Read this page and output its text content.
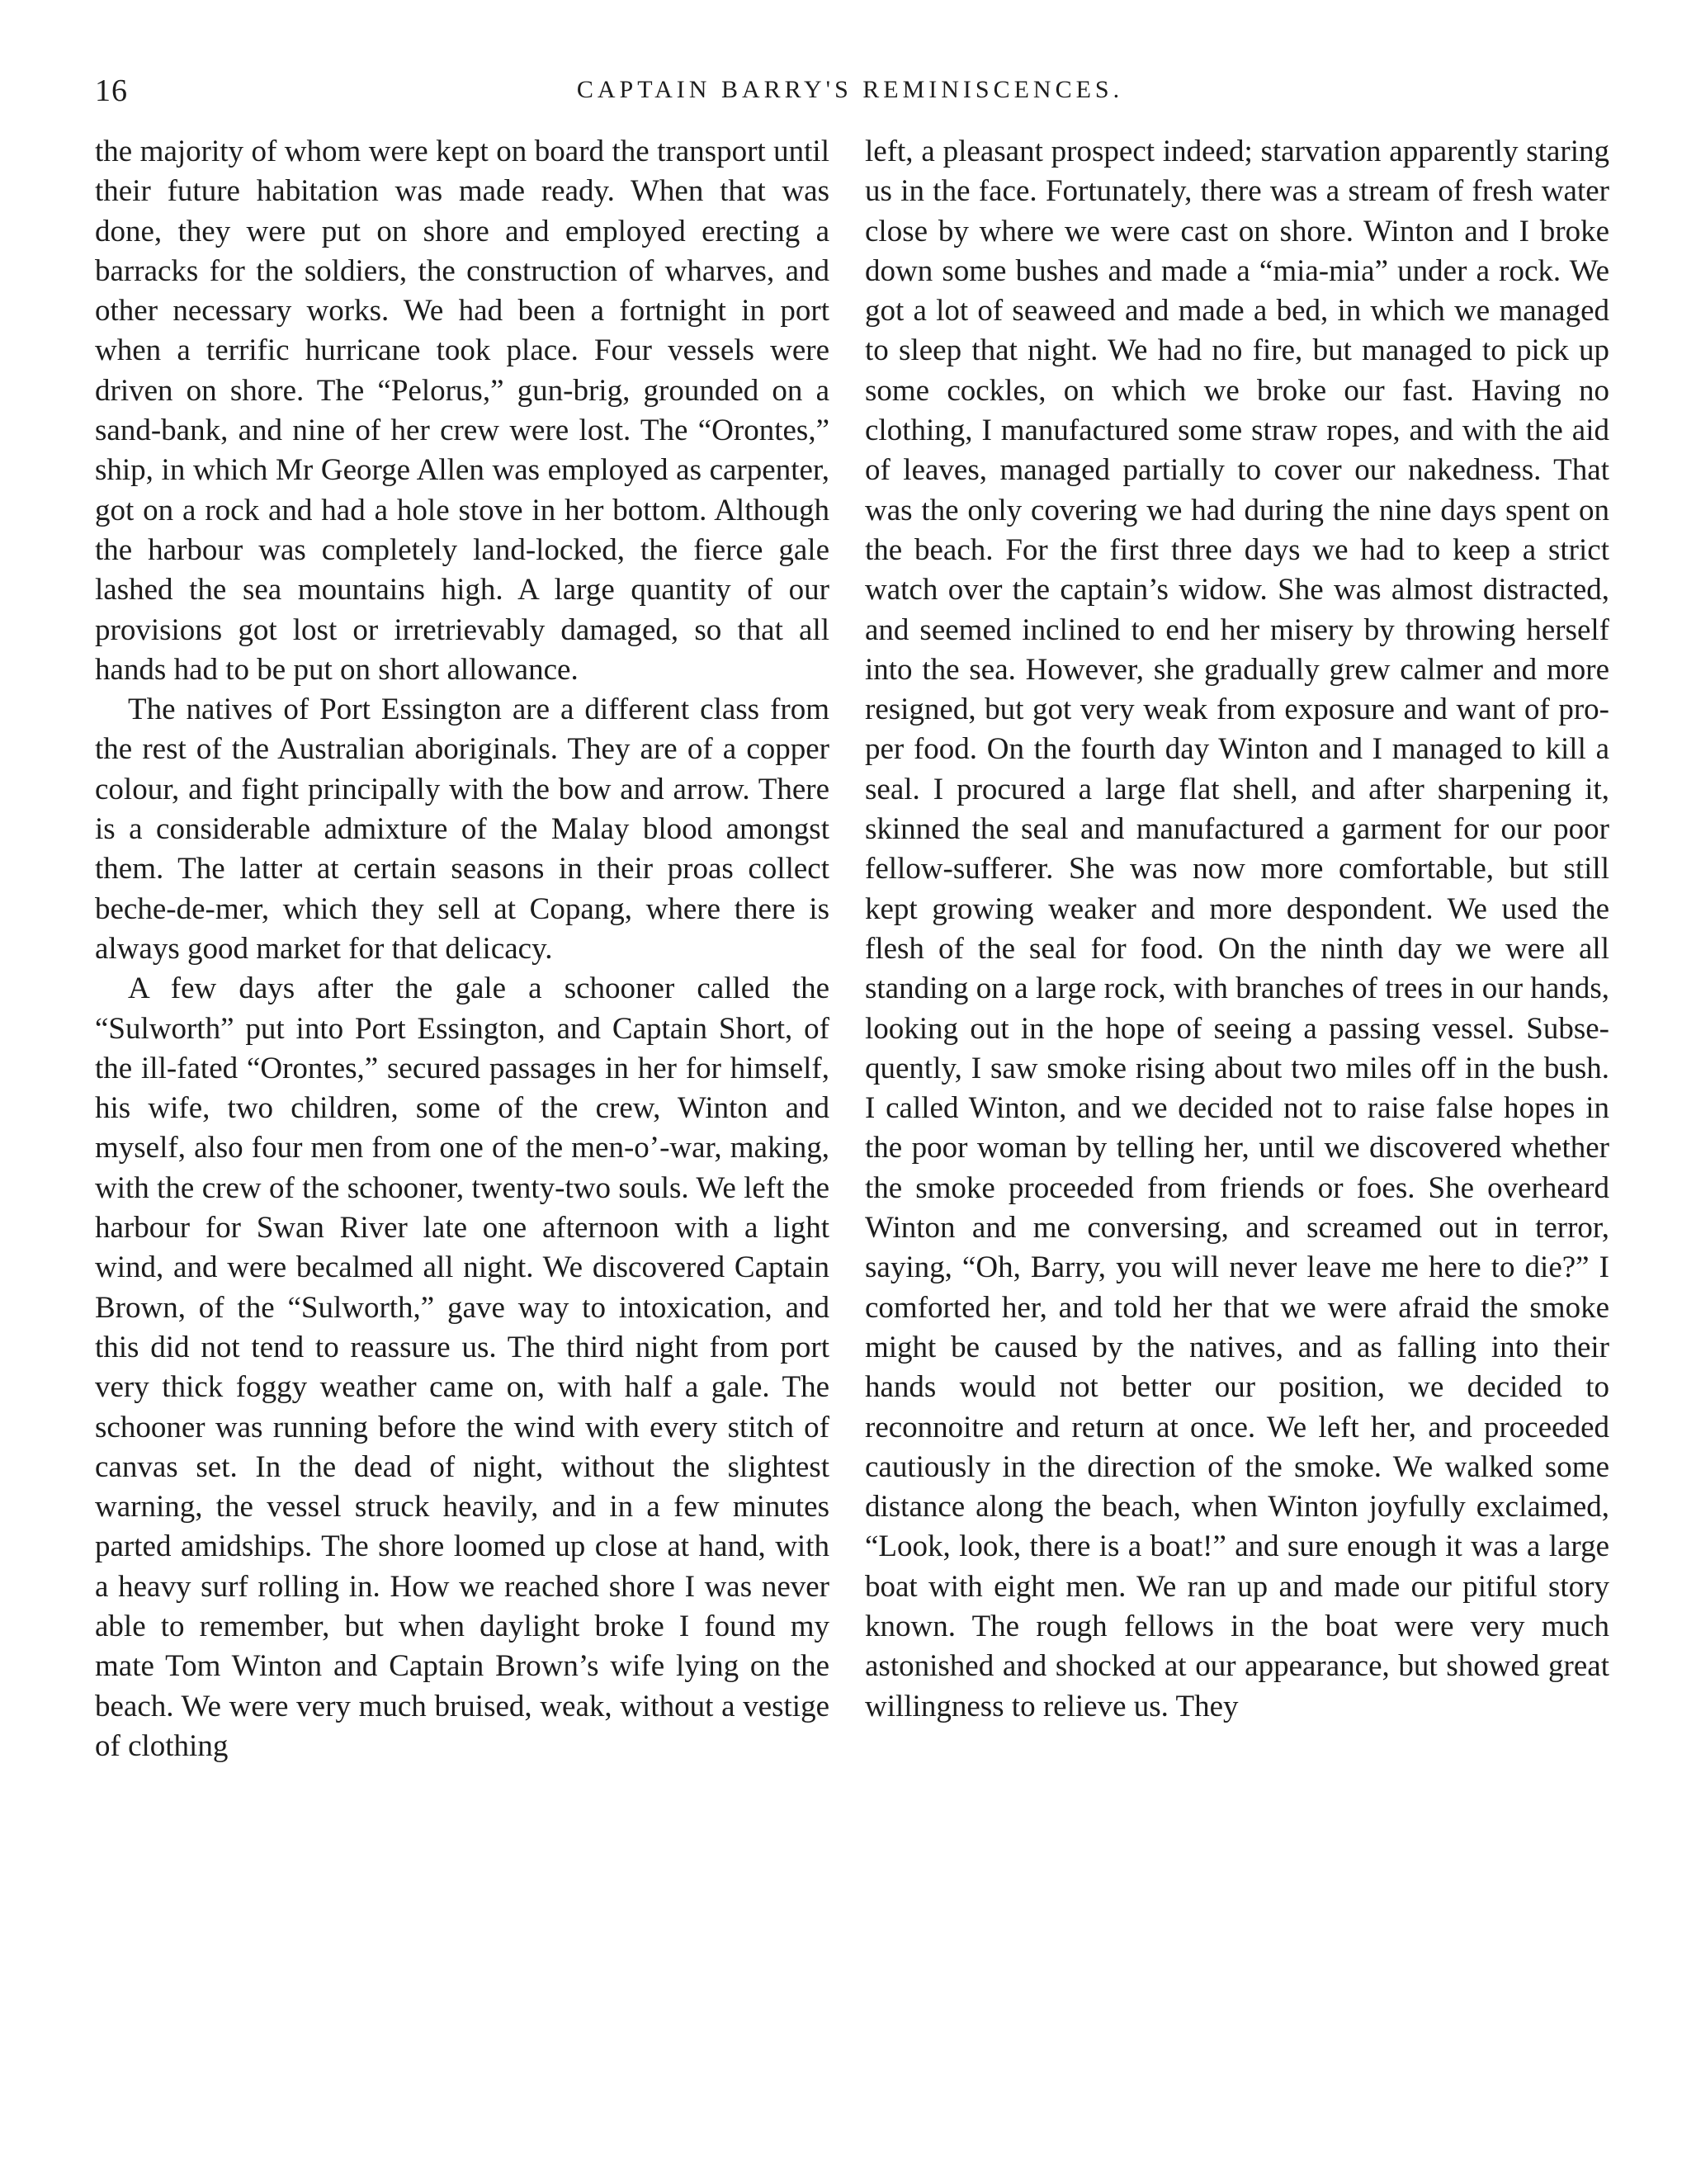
16	CAPTAIN BARRY'S REMINISCENCES.

the majority of whom were kept on board the transport until their future habitation was made ready. When that was done, they were put on shore and employed erecting a barracks for the soldiers, the construction of wharves, and other necessary works. We had been a fortnight in port when a terrific hurricane took place. Four vessels were driven on shore. The “Pelorus,” gun-brig, grounded on a sand-bank, and nine of her crew were lost. The “Orontes,” ship, in which Mr George Allen was employed as carpenter, got on a rock and had a hole stove in her bottom. Although the harbour was completely land-locked, the fierce gale lashed the sea mountains high. A large quantity of our provisions got lost or irretrievably damaged, so that all hands had to be put on short allowance.

The natives of Port Essington are a different class from the rest of the Australian aboriginals. They are of a copper colour, and fight principally with the bow and arrow. There is a considerable admixture of the Malay blood amongst them. The latter at certain seasons in their proas collect beche-de-mer, which they sell at Copang, where there is always good market for that delicacy.

A few days after the gale a schooner called the “Sulworth” put into Port Essington, and Captain Short, of the ill-fated “Orontes,” secured passages in her for himself, his wife, two children, some of the crew, Winton and myself, also four men from one of the men-o’-war, making, with the crew of the schooner, twenty-two souls. We left the harbour for Swan River late one afternoon with a light wind, and were becalmed all night. We discovered Captain Brown, of the “Sulworth,” gave way to intoxication, and this did not tend to reassure us. The third night from port very thick foggy weather came on, with half a gale. The schooner was running before the wind with every stitch of canvas set. In the dead of night, without the slightest warning, the vessel struck heavily, and in a few minutes parted amidships. The shore loomed up close at hand, with a heavy surf rolling in. How we reached shore I was never able to remember, but when daylight broke I found my mate Tom Winton and Captain Brown’s wife lying on the beach. We were very much bruised, weak, without a vestige of clothing

left, a pleasant prospect indeed; starvation apparently staring us in the face. Fortunately, there was a stream of fresh water close by where we were cast on shore. Winton and I broke down some bushes and made a “mia-mia” under a rock. We got a lot of seaweed and made a bed, in which we managed to sleep that night. We had no fire, but managed to pick up some cockles, on which we broke our fast. Having no clothing, I manufactured some straw ropes, and with the aid of leaves, managed partially to cover our nakedness. That was the only covering we had during the nine days spent on the beach. For the first three days we had to keep a strict watch over the captain’s widow. She was almost distracted, and seemed inclined to end her misery by throwing herself into the sea. However, she gradually grew calmer and more resigned, but got very weak from exposure and want of proper food. On the fourth day Winton and I managed to kill a seal. I procured a large flat shell, and after sharpening it, skinned the seal and manufactured a garment for our poor fellow-sufferer. She was now more comfortable, but still kept growing weaker and more despondent. We used the flesh of the seal for food. On the ninth day we were all standing on a large rock, with branches of trees in our hands, looking out in the hope of seeing a passing vessel. Subsequently, I saw smoke rising about two miles off in the bush. I called Winton, and we decided not to raise false hopes in the poor woman by telling her, until we discovered whether the smoke proceeded from friends or foes. She overheard Winton and me conversing, and screamed out in terror, saying, “Oh, Barry, you will never leave me here to die?” I comforted her, and told her that we were afraid the smoke might be caused by the natives, and as falling into their hands would not better our position, we decided to reconnoitre and return at once. We left her, and proceeded cautiously in the direction of the smoke. We walked some distance along the beach, when Winton joyfully exclaimed, “Look, look, there is a boat!” and sure enough it was a large boat with eight men. We ran up and made our pitiful story known. The rough fellows in the boat were very much astonished and shocked at our appearance, but showed great willingness to relieve us. They
